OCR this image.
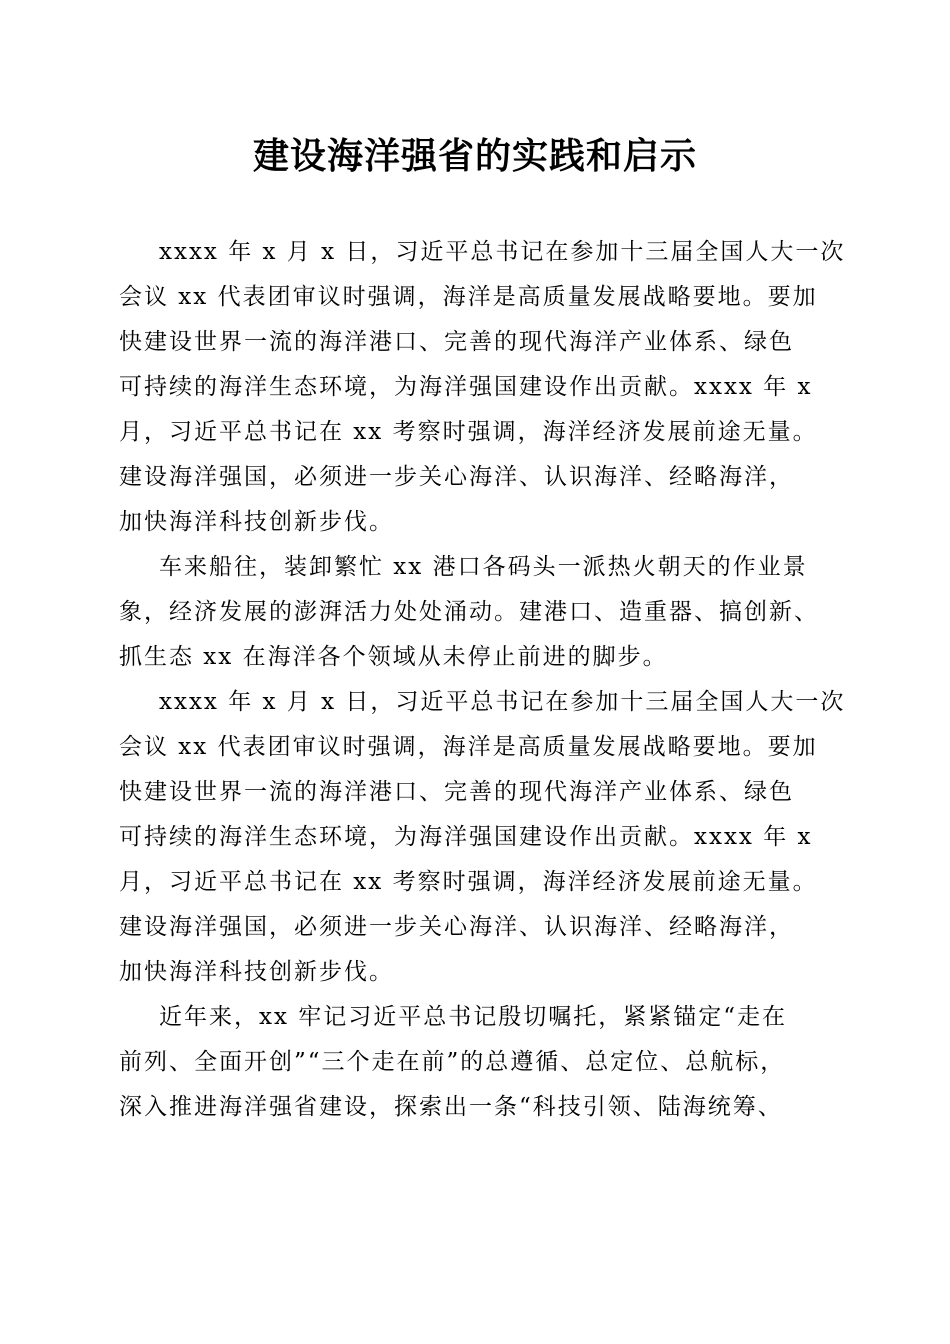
建设海洋强省的实践和启示
xxxx 年 x 月 x 日，习近平总书记在参加十三届全国人大一次
会议 xx 代表团审议时强调，海洋是高质量发展战略要地。要加
快建设世界一流的海洋港口、完善的现代海洋产业体系、绿色
可持续的海洋生态环境，为海洋强国建设作出贡献。xxxx 年 x
月，习近平总书记在 xx 考察时强调，海洋经济发展前途无量。
建设海洋强国，必须进一步关心海洋、认识海洋、经略海洋，
加快海洋科技创新步伐。
车来船往，装卸繁忙 xx 港口各码头一派热火朝天的作业景
象，经济发展的澎湃活力处处涌动。建港口、造重器、搞创新、
抓生态 xx 在海洋各个领域从未停止前进的脚步。
xxxx 年 x 月 x 日，习近平总书记在参加十三届全国人大一次
会议 xx 代表团审议时强调，海洋是高质量发展战略要地。要加
快建设世界一流的海洋港口、完善的现代海洋产业体系、绿色
可持续的海洋生态环境，为海洋强国建设作出贡献。xxxx 年 x
月，习近平总书记在 xx 考察时强调，海洋经济发展前途无量。
建设海洋强国，必须进一步关心海洋、认识海洋、经略海洋，
加快海洋科技创新步伐。
近年来，xx 牢记习近平总书记殷切嘱托，紧紧锚定“走在
前列、全面开创”“三个走在前”的总遵循、总定位、总航标，
深入推进海洋强省建设，探索出一条“科技引领、陆海统筹、
